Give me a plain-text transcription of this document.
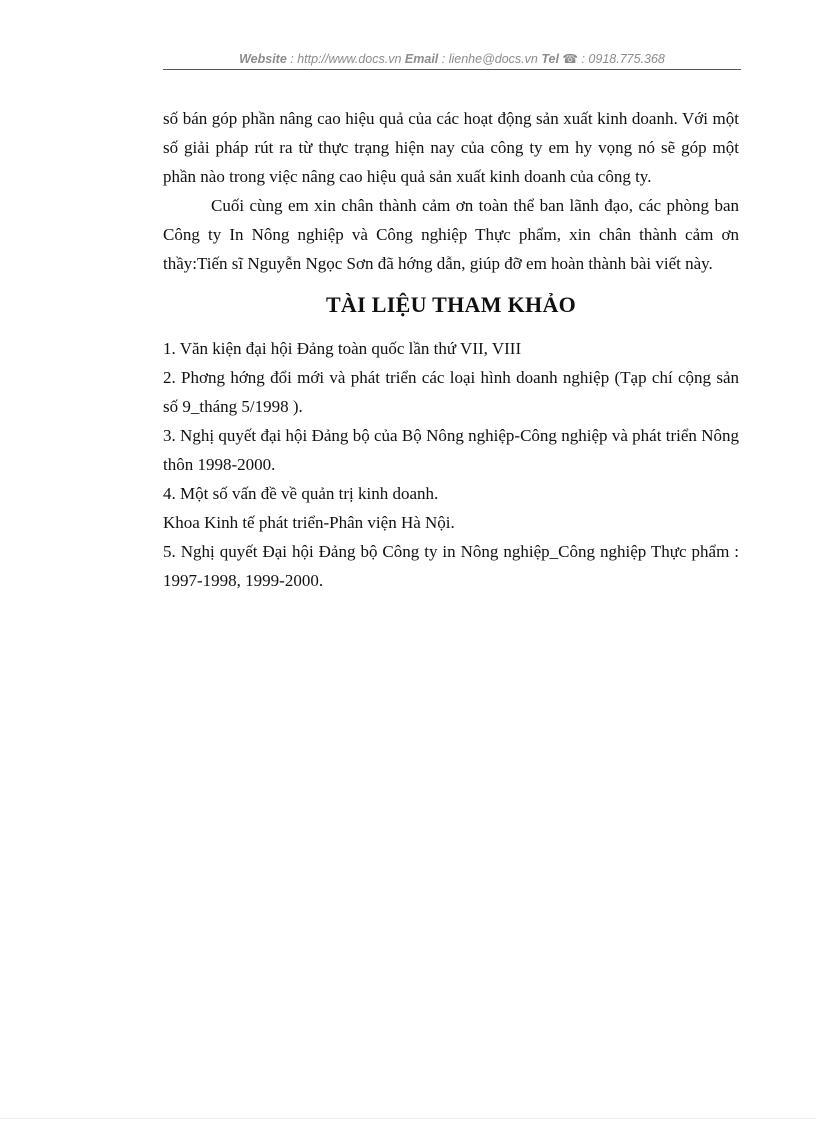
Website : http://www.docs.vn Email : lienhe@docs.vn Tel ☎ : 0918.775.368

số bán góp phần nâng cao hiệu quả của các hoạt động sản xuất kinh doanh. Với một số giải pháp rút ra từ thực trạng hiện nay của công ty em hy vọng nó sẽ góp một phần nào trong việc nâng cao hiệu quả sản xuất kinh doanh của công ty.

Cuối cùng em xin chân thành cảm ơn toàn thể ban lãnh đạo, các phòng ban Công ty In Nông nghiệp và Công nghiệp Thực phẩm, xin chân thành cảm ơn thầy:Tiến sĩ Nguyễn Ngọc Sơn đã hớng dẫn, giúp đỡ em hoàn thành bài viết này.

TÀI LIỆU THAM KHẢO
1. Văn kiện đại hội Đảng toàn quốc lần thứ VII, VIII
2. Phơng hớng đổi mới và phát triển các loại hình doanh nghiệp (Tạp chí cộng sản số 9_tháng 5/1998 ).
3. Nghị quyết đại hội Đảng bộ của Bộ Nông nghiệp-Công nghiệp và phát triển Nông thôn 1998-2000.
4. Một số vấn đề về quản trị kinh doanh.
Khoa Kinh tế phát triển-Phân viện Hà Nội.
5. Nghị quyết Đại hội Đảng bộ Công ty in Nông nghiệp_Công nghiệp Thực phẩm : 1997-1998, 1999-2000.
